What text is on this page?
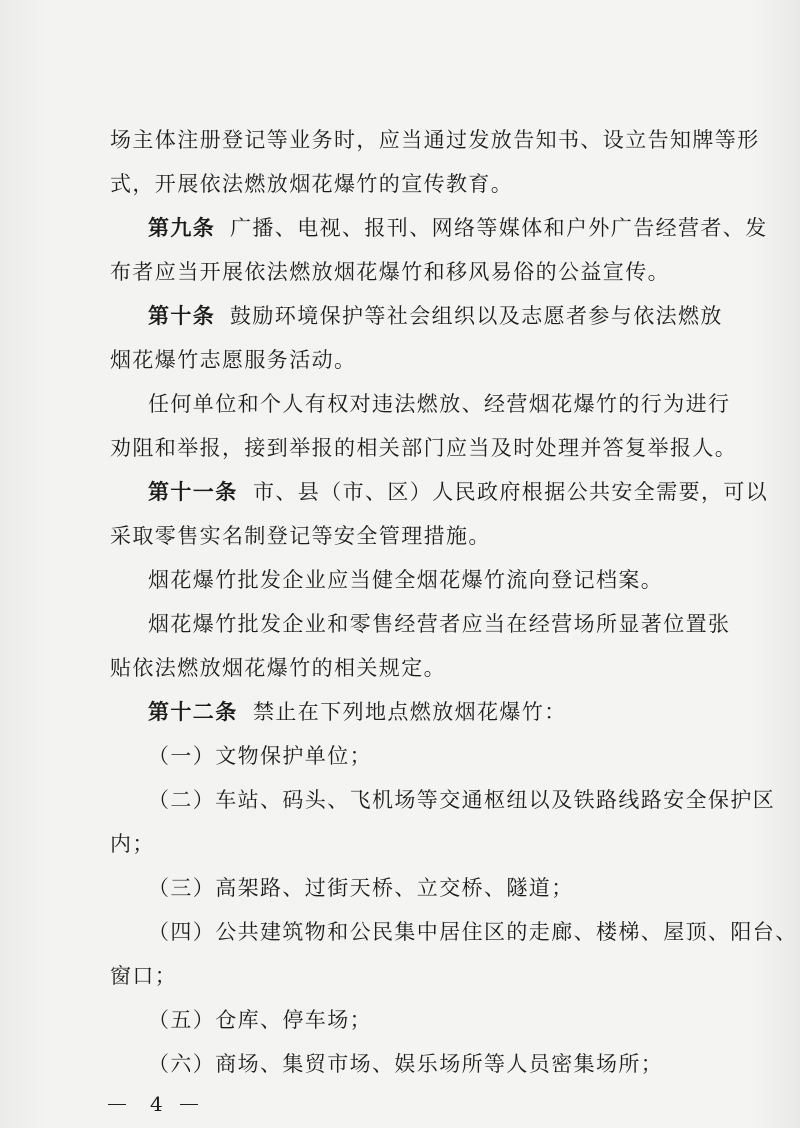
场主体注册登记等业务时，应当通过发放告知书、设立告知牌等形
式，开展依法燃放烟花爆竹的宣传教育。
第九条 广播、电视、报刊、网络等媒体和户外广告经营者、发
布者应当开展依法燃放烟花爆竹和移风易俗的公益宣传。
第十条 鼓励环境保护等社会组织以及志愿者参与依法燃放
烟花爆竹志愿服务活动。
任何单位和个人有权对违法燃放、经营烟花爆竹的行为进行
劝阻和举报，接到举报的相关部门应当及时处理并答复举报人。
第十一条 市、县（市、区）人民政府根据公共安全需要，可以
采取零售实名制登记等安全管理措施。
烟花爆竹批发企业应当健全烟花爆竹流向登记档案。
烟花爆竹批发企业和零售经营者应当在经营场所显著位置张
贴依法燃放烟花爆竹的相关规定。
第十二条 禁止在下列地点燃放烟花爆竹：
（一）文物保护单位；
（二）车站、码头、飞机场等交通枢纽以及铁路线路安全保护区
内；
（三）高架路、过街天桥、立交桥、隧道；
（四）公共建筑物和公民集中居住区的走廊、楼梯、屋顶、阳台、
窗口；
（五）仓库、停车场；
（六）商场、集贸市场、娱乐场所等人员密集场所；
4
